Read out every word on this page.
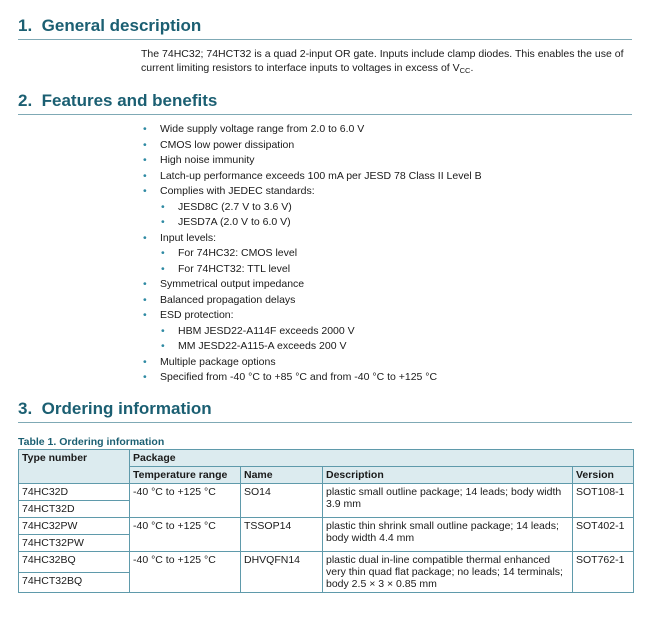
1. General description
The 74HC32; 74HCT32 is a quad 2-input OR gate. Inputs include clamp diodes. This enables the use of current limiting resistors to interface inputs to voltages in excess of $V_{CC}$.
2. Features and benefits
• Wide supply voltage range from 2.0 to 6.0 V
• CMOS low power dissipation
• High noise immunity
• Latch-up performance exceeds 100 mA per JESD 78 Class II Level B
• Complies with JEDEC standards:
• JESD8C (2.7 V to 3.6 V)
• JESD7A (2.0 V to 6.0 V)
• Input levels:
• For 74HC32: CMOS level
• For 74HCT32: TTL level
• Symmetrical output impedance
• Balanced propagation delays
• ESD protection:
• HBM JESD22-A114F exceeds 2000 V
• MM JESD22-A115-A exceeds 200 V
• Multiple package options
• Specified from -40 °C to +85 °C and from -40 °C to +125 °C
3. Ordering information
Table 1. Ordering information
Type number	Package			
	Temperature range	Name	Description	Version
74HC32D	-40 °C to +125 °C	SO14	plastic small outline package; 14 leads; body width 3.9 mm	SOT108-1
74HCT32D				
74HC32PW	-40 °C to +125 °C	TSSOP14	plastic thin shrink small outline package; 14 leads; body width 4.4 mm	SOT402-1
74HCT32PW				
74HC32BQ	-40 °C to +125 °C	DHVQFN14	plastic dual in-line compatible thermal enhanced very thin quad flat package; no leads; 14 terminals; body 2.5 × 3 × 0.85 mm	SOT762-1
74HCT32BQ				
